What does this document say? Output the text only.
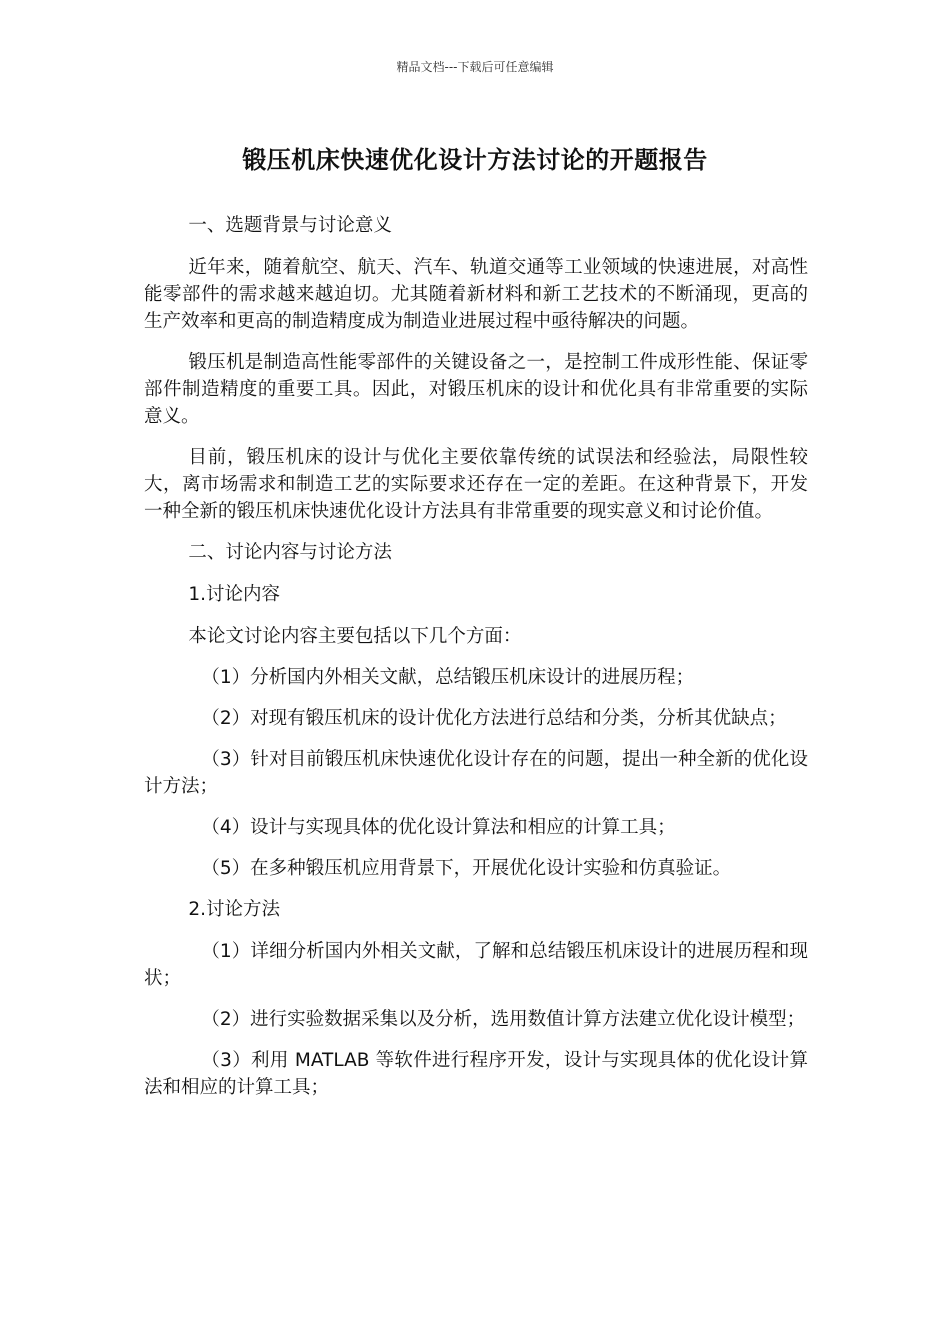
精品文档---下载后可任意编辑
锻压机床快速优化设计方法讨论的开题报告

一、选题背景与讨论意义

近年来，随着航空、航天、汽车、轨道交通等工业领域的快速进展，对高性能零部件的需求越来越迫切。尤其随着新材料和新工艺技术的不断涌现，更高的生产效率和更高的制造精度成为制造业进展过程中亟待解决的问题。

锻压机是制造高性能零部件的关键设备之一，是控制工件成形性能、保证零部件制造精度的重要工具。因此，对锻压机床的设计和优化具有非常重要的实际意义。

目前，锻压机床的设计与优化主要依靠传统的试误法和经验法，局限性较大，离市场需求和制造工艺的实际要求还存在一定的差距。在这种背景下，开发一种全新的锻压机床快速优化设计方法具有非常重要的现实意义和讨论价值。

二、讨论内容与讨论方法

1.讨论内容

本论文讨论内容主要包括以下几个方面：

（1）分析国内外相关文献，总结锻压机床设计的进展历程；

（2）对现有锻压机床的设计优化方法进行总结和分类，分析其优缺点；

（3）针对目前锻压机床快速优化设计存在的问题，提出一种全新的优化设计方法；

（4）设计与实现具体的优化设计算法和相应的计算工具；

（5）在多种锻压机应用背景下，开展优化设计实验和仿真验证。

2.讨论方法

（1）详细分析国内外相关文献，了解和总结锻压机床设计的进展历程和现状；

（2）进行实验数据采集以及分析，选用数值计算方法建立优化设计模型；

（3）利用 MATLAB 等软件进行程序开发，设计与实现具体的优化设计算法和相应的计算工具；
